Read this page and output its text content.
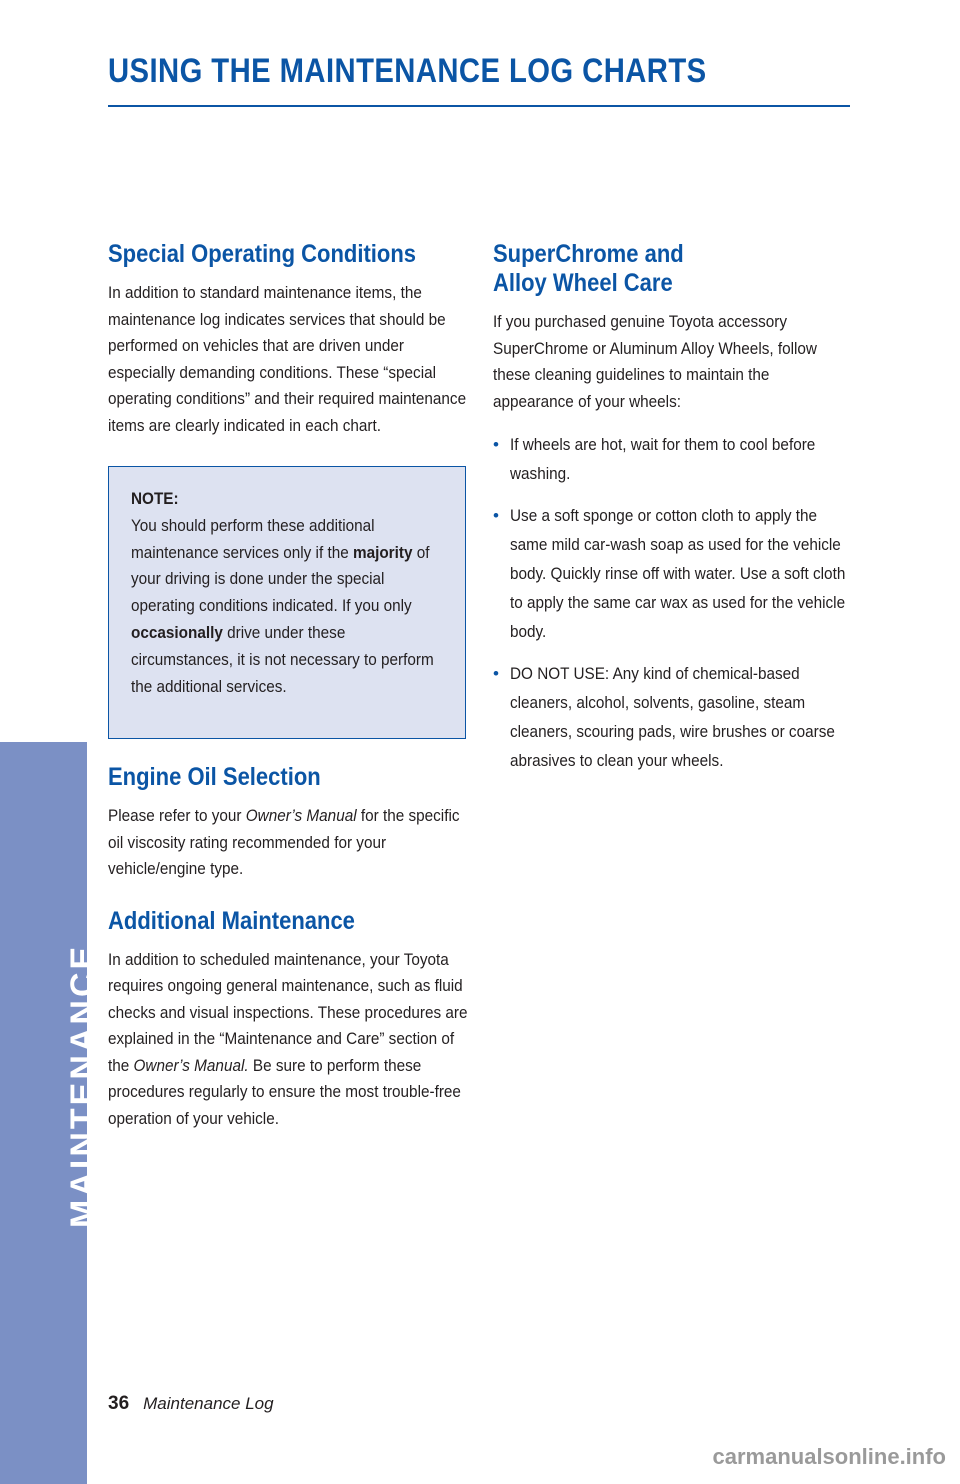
USING THE MAINTENANCE LOG CHARTS
Special Operating Conditions

In addition to standard maintenance items, the maintenance log indicates services that should be performed on vehicles that are driven under especially demanding conditions. These “special operating conditions” and their required maintenance items are clearly indicated in each chart.

NOTE:
You should perform these additional maintenance services only if the majority of your driving is done under the special operating conditions indicated. If you only occasionally drive under these circumstances, it is not necessary to perform the additional services.

Engine Oil Selection

Please refer to your Owner’s Manual for the specific oil viscosity rating recommended for your vehicle/engine type.

Additional Maintenance

In addition to scheduled maintenance, your Toyota requires ongoing general maintenance, such as fluid checks and visual inspections. These procedures are explained in the “Maintenance and Care” section of the Owner’s Manual. Be sure to perform these procedures regularly to ensure the most trouble-free operation of your vehicle.

SuperChrome and
Alloy Wheel Care

If you purchased genuine Toyota accessory SuperChrome or Aluminum Alloy Wheels, follow these cleaning guidelines to maintain the appearance of your wheels:

• If wheels are hot, wait for them to cool before washing.

• Use a soft sponge or cotton cloth to apply the same mild car-wash soap as used for the vehicle body. Quickly rinse off with water. Use a soft cloth to apply the same car wax as used for the vehicle body.

• DO NOT USE: Any kind of chemical-based cleaners, alcohol, solvents, gasoline, steam cleaners, scouring pads, wire brushes or coarse abrasives to clean your wheels.

MAINTENANCE
36 Maintenance Log
carmanualsonline.info
